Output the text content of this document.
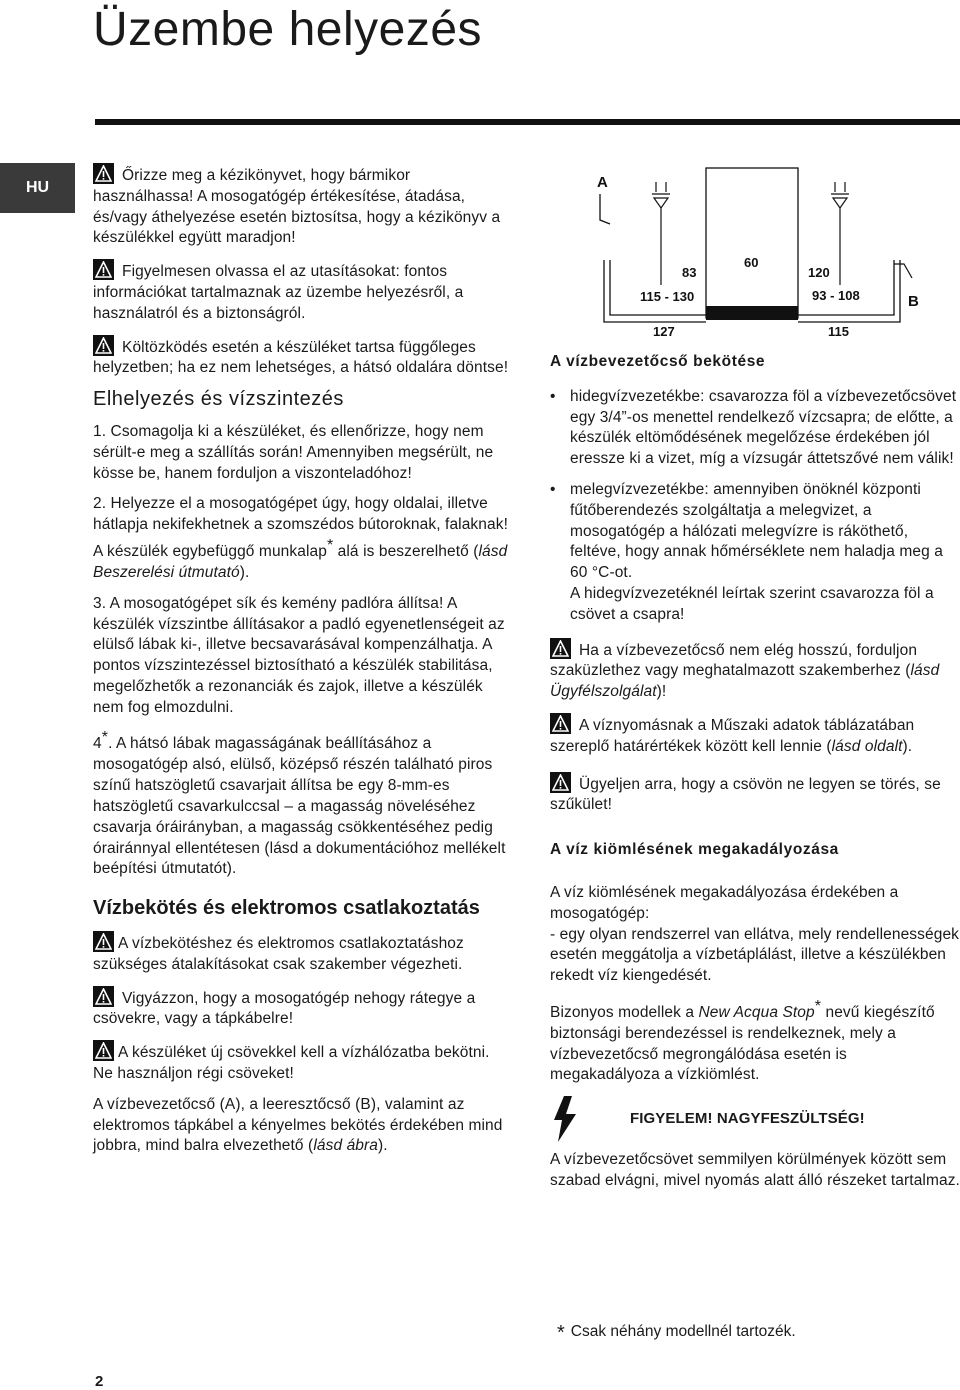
Üzembe helyezés
HU

Őrizze meg a kézikönyvet, hogy bármikor használhassa! A mosogatógép értékesítése, átadása, és/vagy áthelyezése esetén biztosítsa, hogy a kézikönyv a készülékkel együtt maradjon!

Figyelmesen olvassa el az utasításokat: fontos információkat tartalmaznak az üzembe helyezésről, a használatról és a biztonságról.

Költözködés esetén a készüléket tartsa függőleges helyzetben; ha ez nem lehetséges, a hátsó oldalára döntse!

Elhelyezés és vízszintezés

1. Csomagolja ki a készüléket, és ellenőrizze, hogy nem sérült-e meg a szállítás során! Amennyiben megsérült, ne kösse be, hanem forduljon a viszonteladóhoz!

2. Helyezze el a mosogatógépet úgy, hogy oldalai, illetve hátlapja nekifekhetnek a szomszédos bútoroknak, falaknak! A készülék egybefüggő munkalap* alá is beszerelhető (lásd Beszerelési útmutató).

3. A mosogatógépet sík és kemény padlóra állítsa! A készülék vízszintbe állításakor a padló egyenetlenségeit az elülső lábak ki-, illetve becsavarásával kompenzálhatja. A pontos vízszintezéssel biztosítható a készülék stabilitása, megelőzhetők a rezonanciák és zajok, illetve a készülék nem fog elmozdulni.

4*. A hátsó lábak magasságának beállításához a mosogatógép alsó, elülső, középső részén található piros színű hatszögletű csavarjait állítsa be egy 8-mm-es hatszögletű csavarkulccsal – a magasság növeléséhez csavarja óráirányban, a magasság csökkentéséhez pedig órairánnyal ellentétesen (lásd a dokumentációhoz mellékelt beépítési útmutatót).

Vízbekötés és elektromos csatlakoztatás

A vízbekötéshez és elektromos csatlakoztatáshoz szükséges átalakításokat csak szakember végezheti.

Vigyázzon, hogy a mosogatógép nehogy rátegye a csövekre, vagy a tápkábelre!

A készüléket új csövekkel kell a vízhálózatba bekötni.
Ne használjon régi csöveket!

A vízbevezetőcső (A), a leeresztőcső (B), valamint az elektromos tápkábel a kényelmes bekötés érdekében mind jobbra, mind balra elvezethető (lásd ábra).

A
B
83
60
120
115 - 130	93 - 108
127	115
A vízbevezetőcső bekötése
• hidegvízvezetékbe: csavarozza föl a vízbevezetőcsövet egy 3/4”-os menettel rendelkező vízcsapra; de előtte, a készülék eltömődésének megelőzése érdekében jól eressze ki a vizet, míg a vízsugár áttetszővé nem válik!
• melegvízvezetékbe: amennyiben önöknél központi fűtőberendezés szolgáltatja a melegvizet, a mosogatógép a hálózati melegvízre is ráköthető, feltéve, hogy annak hőmérséklete nem haladja meg a 60 °C-ot.
A hidegvízvezetéknél leírtak szerint csavarozza föl a csövet a csapra!

Ha a vízbevezetőcső nem elég hosszú, forduljon szaküzlethez vagy meghatalmazott szakemberhez (lásd Ügyfélszolgálat)!

A víznyomásnak a Műszaki adatok táblázatában szereplő határértékek között kell lennie (lásd oldalt).

Ügyeljen arra, hogy a csövön ne legyen se törés, se szűkület!

A víz kiömlésének megakadályozása

A víz kiömlésének megakadályozása érdekében a mosogatógép:
- egy olyan rendszerrel van ellátva, mely rendellenességek esetén meggátolja a vízbetáplálást, illetve a készülékben rekedt víz kiengedését.

Bizonyos modellek a New Acqua Stop* nevű kiegészítő biztonsági berendezéssel is rendelkeznek, mely a vízbevezetőcső megrongálódása esetén is megakadályoza a vízkiömlést.

FIGYELEM! NAGYFESZÜLTSÉG!

A vízbevezetőcsövet semmilyen körülmények között sem szabad elvágni, mivel nyomás alatt álló részeket tartalmaz.

* Csak néhány modellnél tartozék.
2
